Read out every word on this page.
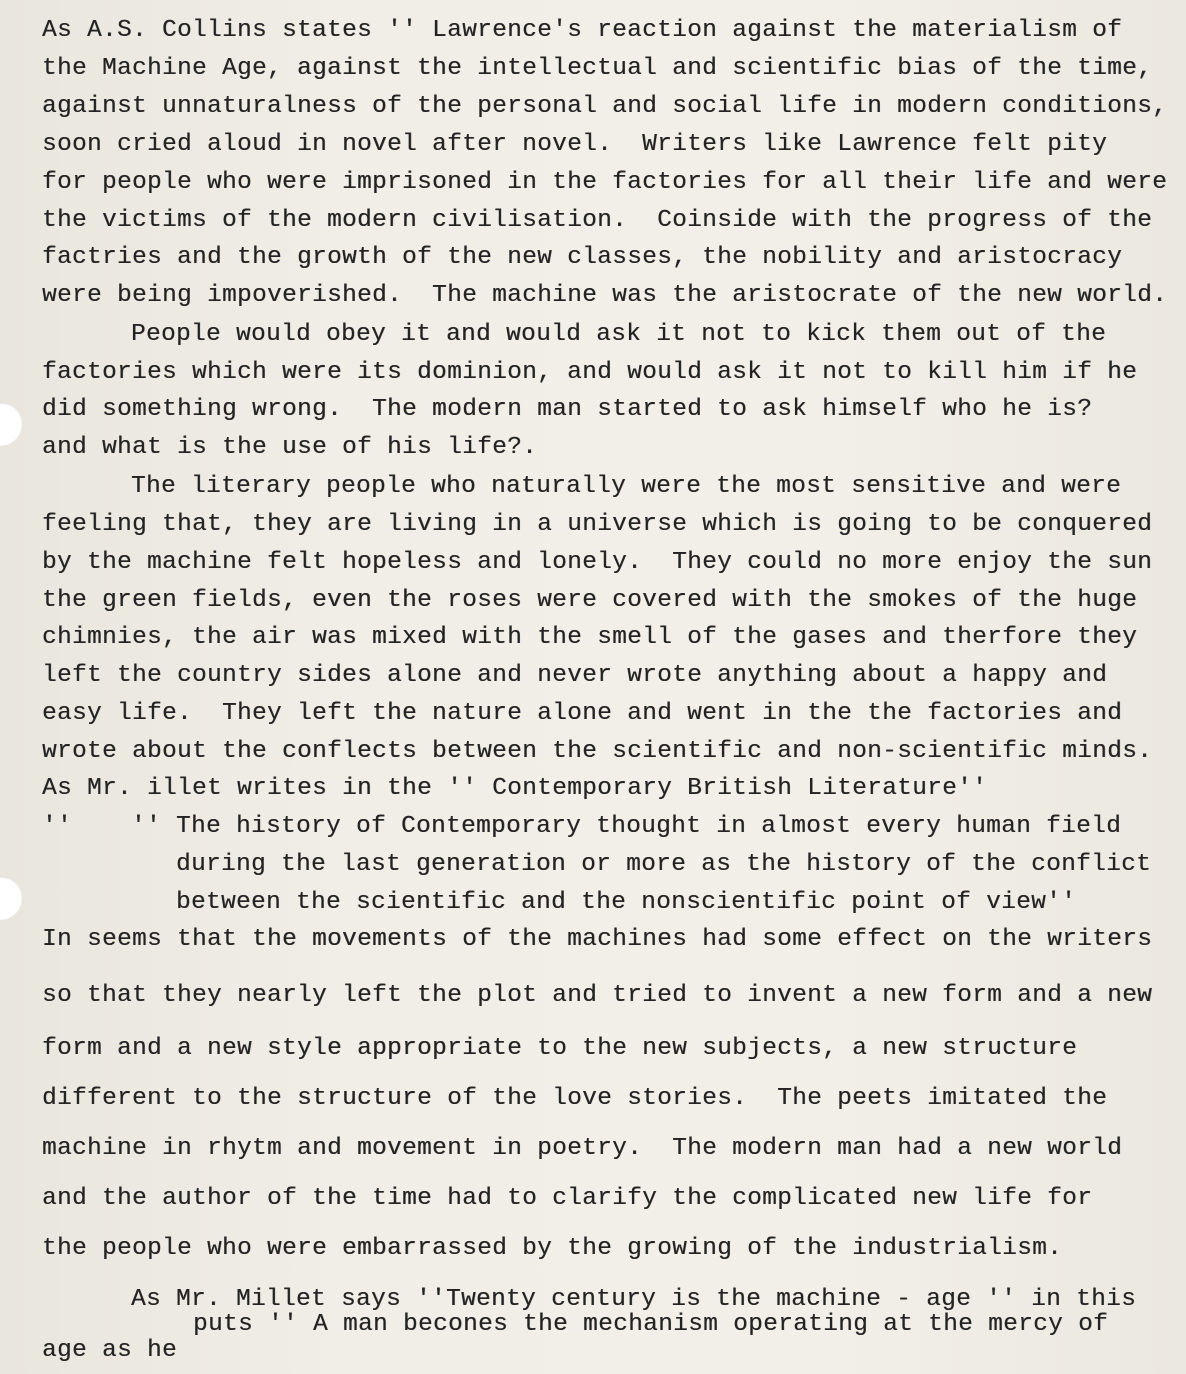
As A.S. Collins states '' Lawrence's reaction against the materialism of
the Machine Age, against the intellectual and scientific bias of the time,
against unnaturalness of the personal and social life in modern conditions,
soon cried aloud in novel after novel.  Writers like Lawrence felt pity
for people who were imprisoned in the factories for all their life and were
the victims of the modern civilisation.  Coinside with the progress of the
factries and the growth of the new classes, the nobility and aristocracy
were being impoverished.  The machine was the aristocrate of the new world.
People would obey it and would ask it not to kick them out of the
factories which were its dominion, and would ask it not to kill him if he
did something wrong.  The modern man started to ask himself who he is?
and what is the use of his life?.
The literary people who naturally were the most sensitive and were
feeling that, they are living in a universe which is going to be conquered
by the machine felt hopeless and lonely.  They could no more enjoy the sun
the green fields, even the roses were covered with the smokes of the huge
chimnies, the air was mixed with the smell of the gases and therfore they
left the country sides alone and never wrote anything about a happy and
easy life.  They left the nature alone and went in the the factories and
wrote about the conflects between the scientific and non-scientific minds.
As Mr. illet writes in the '' Contemporary British Literature''
'' '' The history of Contemporary thought in almost every human field
during the last generation or more as the history of the conflict
between the scientific and the nonscientific point of view''
In seems that the movements of the machines had some effect on the writers
so that they nearly left the plot and tried to invent a new form and a new
form and a new style appropriate to the new subjects, a new structure
different to the structure of the love stories.  The peets imitated the
machine in rhytm and movement in poetry.  The modern man had a new world
and the author of the time had to clarify the complicated new life for
the people who were embarrassed by the growing of the industrialism.
As Mr. Millet says ''Twenty century is the machine - age '' in this
puts '' A man becones the mechanism operating at the mercy of
age as he
